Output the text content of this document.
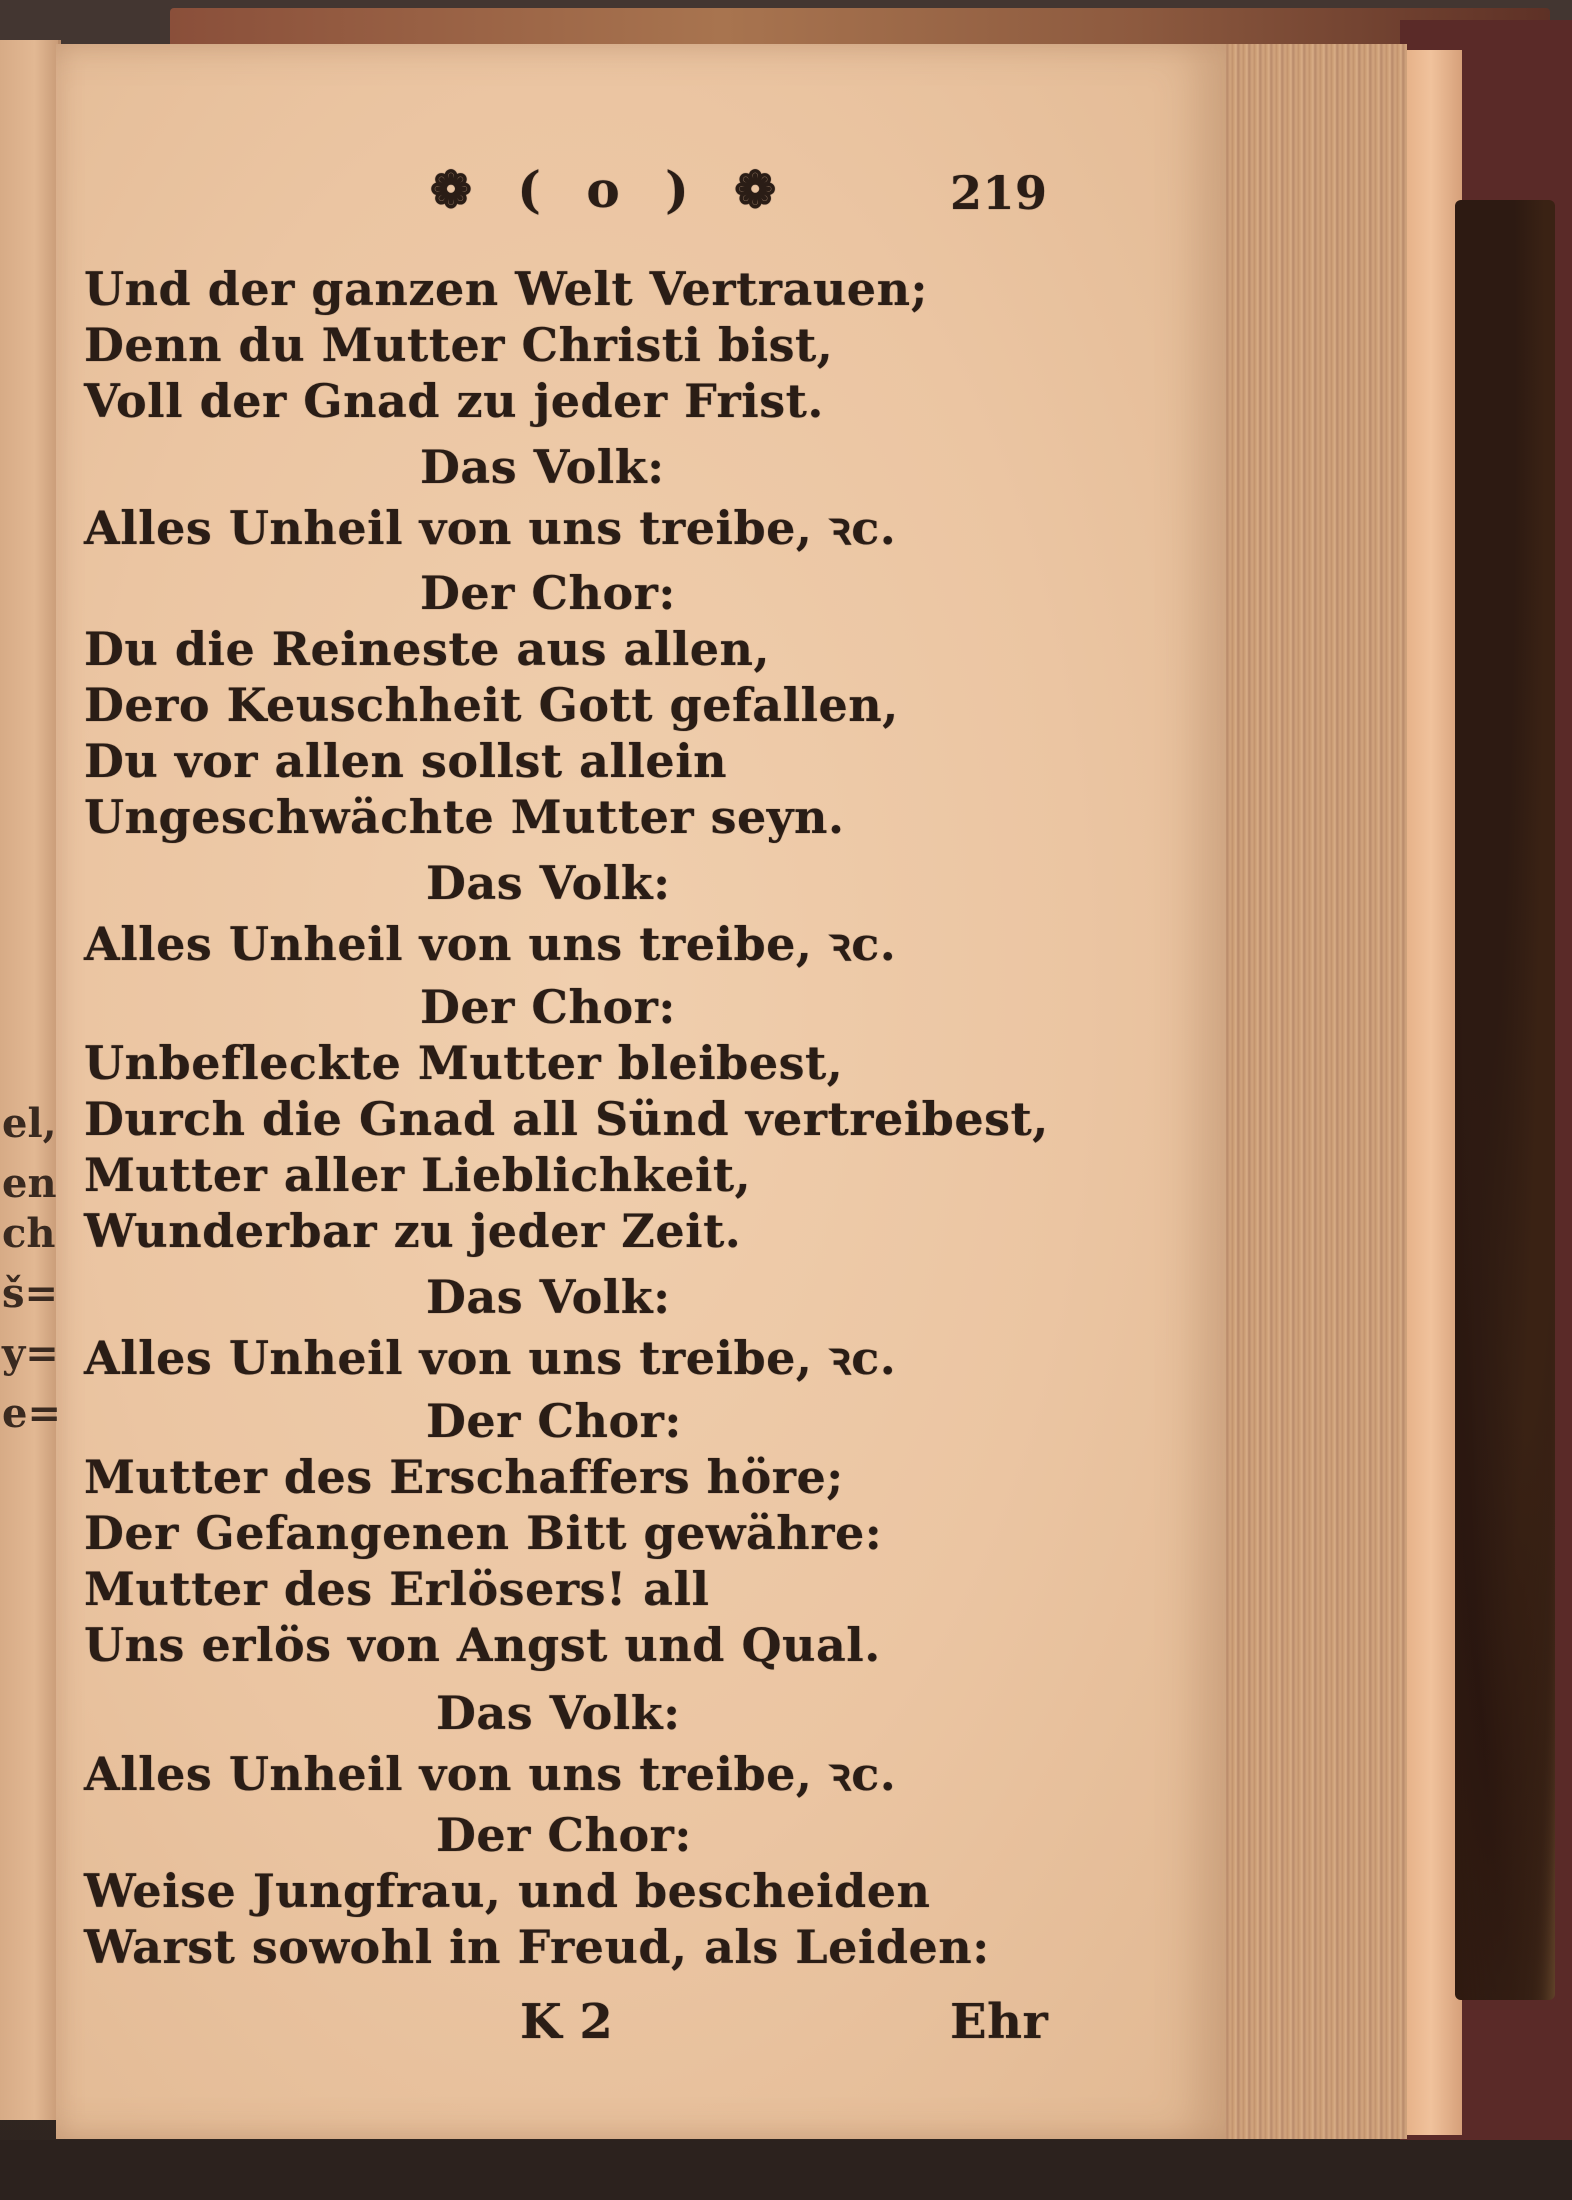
el,
en
ch
š=
y=
e=
❁ ( o ) ❁	219
Und der ganzen Welt Vertrauen;
Denn du Mutter Christi bist,
Voll der Gnad zu jeder Frist.
Das Volk:
Alles Unheil von uns treibe, ꝛc.
Der Chor:
Du die Reineste aus allen,
Dero Keuschheit Gott gefallen,
Du vor allen sollst allein
Ungeschwächte Mutter seyn.
Das Volk:
Alles Unheil von uns treibe, ꝛc.
Der Chor:
Unbefleckte Mutter bleibest,
Durch die Gnad all Sünd vertreibest,
Mutter aller Lieblichkeit,
Wunderbar zu jeder Zeit.
Das Volk:
Alles Unheil von uns treibe, ꝛc.
Der Chor:
Mutter des Erschaffers höre;
Der Gefangenen Bitt gewähre:
Mutter des Erlösers! all
Uns erlös von Angst und Qual.
Das Volk:
Alles Unheil von uns treibe, ꝛc.
Der Chor:
Weise Jungfrau, und bescheiden
Warst sowohl in Freud, als Leiden:
K 2	Ehr
